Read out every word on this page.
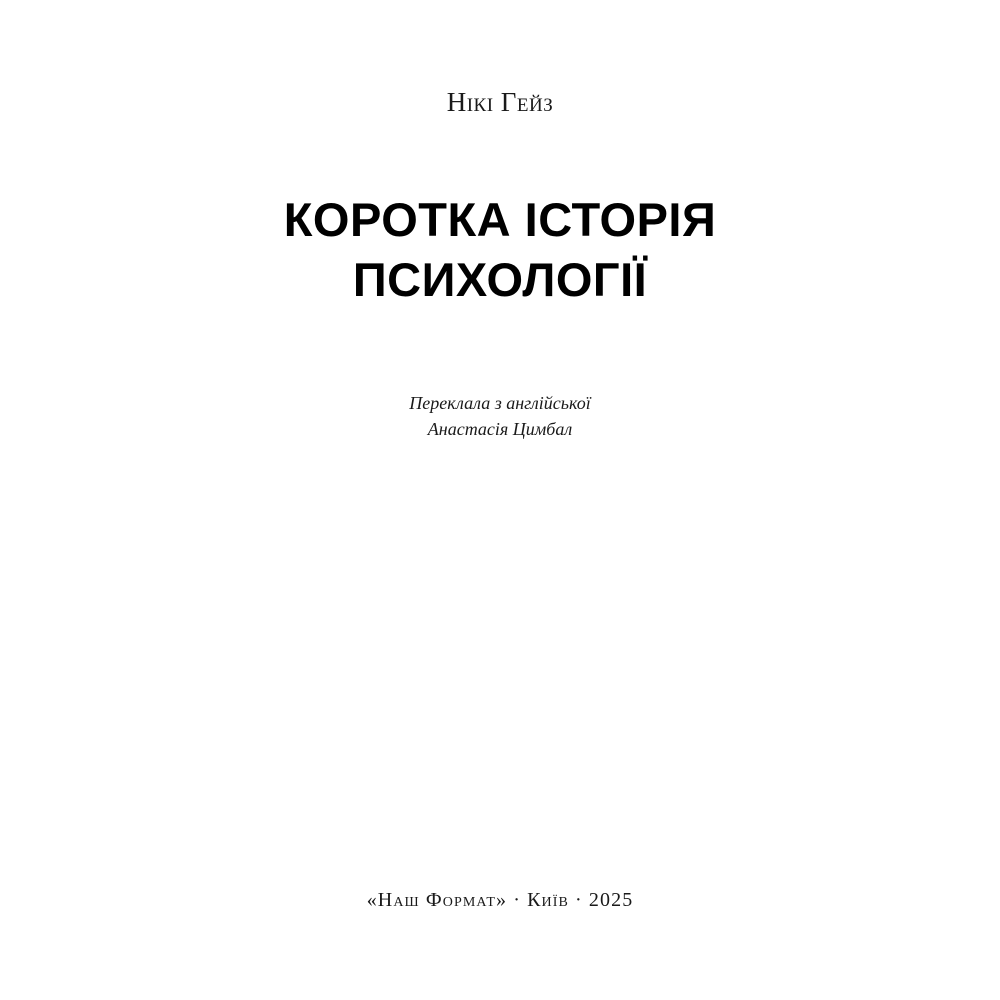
Нікі Гейз
КОРОТКА ІСТОРІЯ
ПСИХОЛОГІЇ
Переклала з англійської
Анастасія Цимбал
«Наш Формат» · Київ · 2025
